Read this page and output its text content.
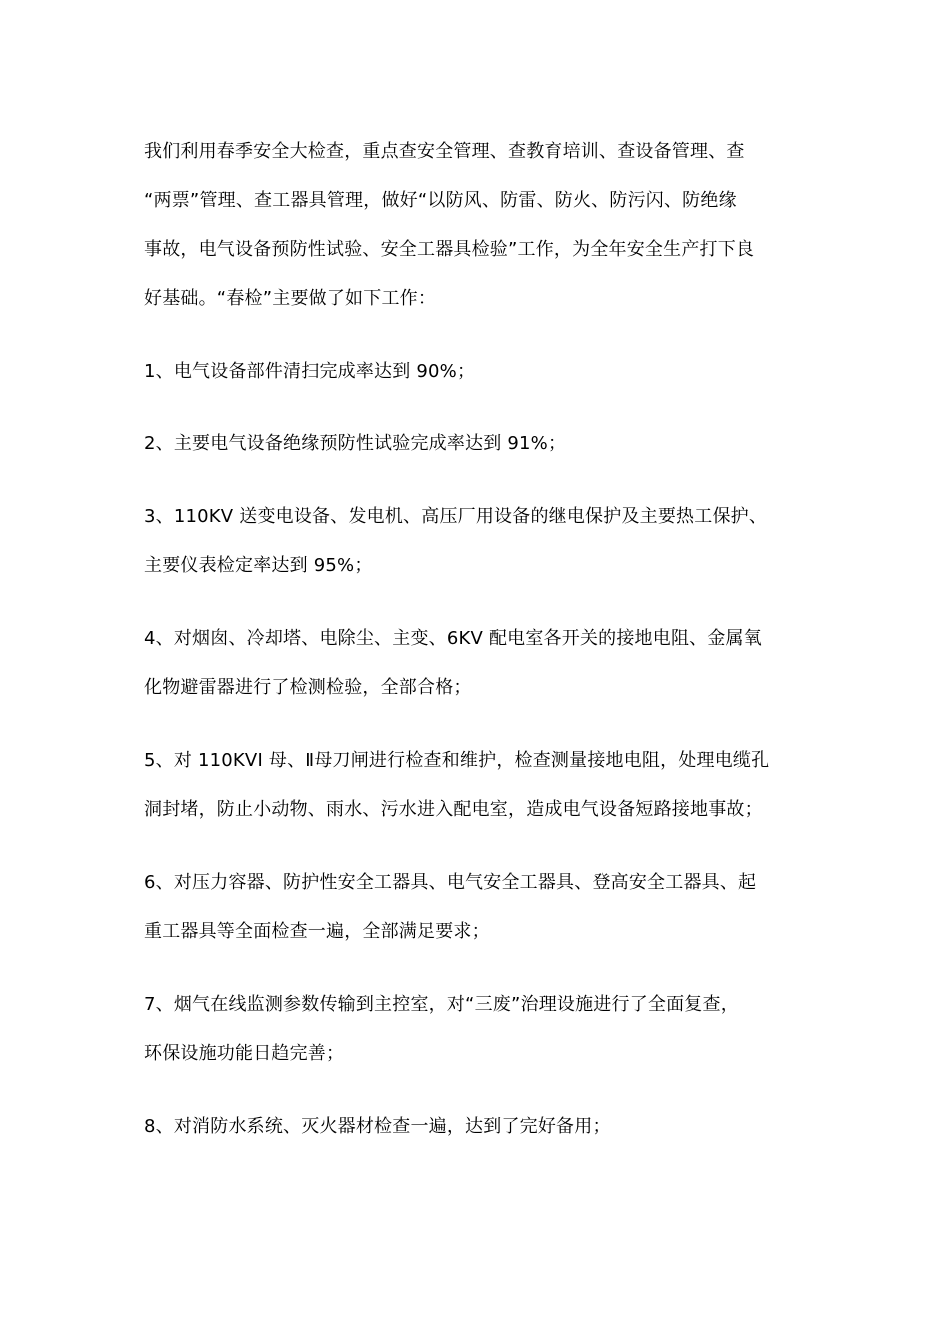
我们利用春季安全大检查，重点查安全管理、查教育培训、查设备管理、查
“两票”管理、查工器具管理，做好“以防风、防雷、防火、防污闪、防绝缘
事故，电气设备预防性试验、安全工器具检验”工作，为全年安全生产打下良
好基础。“春检”主要做了如下工作：

1、电气设备部件清扫完成率达到 90%；

2、主要电气设备绝缘预防性试验完成率达到 91%；

3、110KV 送变电设备、发电机、高压厂用设备的继电保护及主要热工保护、
主要仪表检定率达到 95%；

4、对烟囱、冷却塔、电除尘、主变、6KV 配电室各开关的接地电阻、金属氧
化物避雷器进行了检测检验，全部合格；

5、对 110KVI 母、Ⅱ母刀闸进行检查和维护，检查测量接地电阻，处理电缆孔
洞封堵，防止小动物、雨水、污水进入配电室，造成电气设备短路接地事故；

6、对压力容器、防护性安全工器具、电气安全工器具、登高安全工器具、起
重工器具等全面检查一遍，全部满足要求；

7、烟气在线监测参数传输到主控室，对“三废”治理设施进行了全面复查，
环保设施功能日趋完善；

8、对消防水系统、灭火器材检查一遍，达到了完好备用；
